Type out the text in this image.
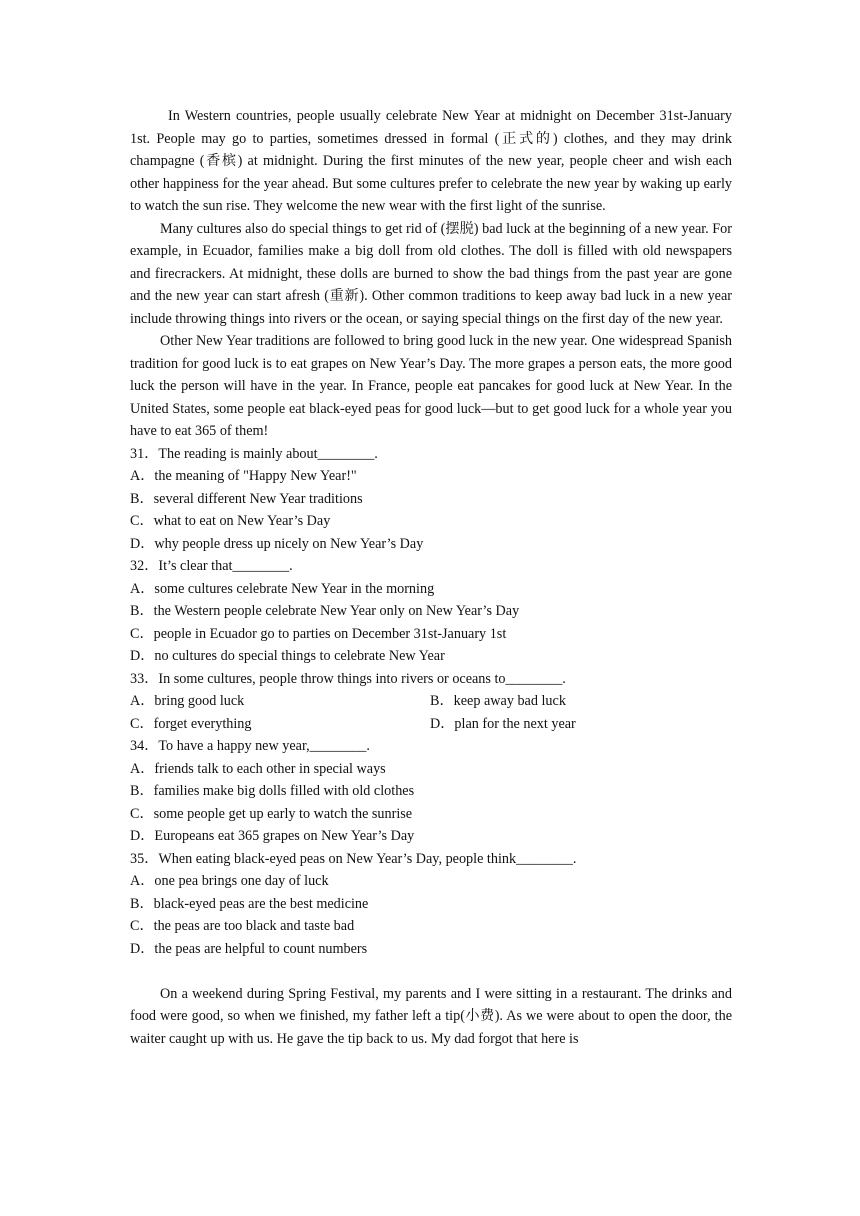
In Western countries, people usually celebrate New Year at midnight on December 31st-January 1st. People may go to parties, sometimes dressed in formal (正式的) clothes, and they may drink champagne (香槟) at midnight. During the first minutes of the new year, people cheer and wish each other happiness for the year ahead. But some cultures prefer to celebrate the new year by waking up early to watch the sun rise. They welcome the new wear with the first light of the sunrise.

Many cultures also do special things to get rid of (摆脱) bad luck at the beginning of a new year. For example, in Ecuador, families make a big doll from old clothes. The doll is filled with old newspapers and firecrackers. At midnight, these dolls are burned to show the bad things from the past year are gone and the new year can start afresh (重新). Other common traditions to keep away bad luck in a new year include throwing things into rivers or the ocean, or saying special things on the first day of the new year.

Other New Year traditions are followed to bring good luck in the new year. One widespread Spanish tradition for good luck is to eat grapes on New Year’s Day. The more grapes a person eats, the more good luck the person will have in the year. In France, people eat pancakes for good luck at New Year. In the United States, some people eat black-eyed peas for good luck—but to get good luck for a whole year you have to eat 365 of them!

31．The reading is mainly about________.

A．the meaning of "Happy New Year!"

B．several different New Year traditions

C．what to eat on New Year’s Day

D．why people dress up nicely on New Year’s Day

32．It’s clear that________.

A．some cultures celebrate New Year in the morning

B．the Western people celebrate New Year only on New Year’s Day

C．people in Ecuador go to parties on December 31st-January 1st

D．no cultures do special things to celebrate New Year

33．In some cultures, people throw things into rivers or oceans to________.

A．bring good luck	B．keep away bad luck
C．forget everything	D．plan for the next year

34．To have a happy new year,________.

A．friends talk to each other in special ways

B．families make big dolls filled with old clothes

C．some people get up early to watch the sunrise

D．Europeans eat 365 grapes on New Year’s Day

35．When eating black-eyed peas on New Year’s Day, people think________.

A．one pea brings one day of luck

B．black-eyed peas are the best medicine

C．the peas are too black and taste bad

D．the peas are helpful to count numbers

On a weekend during Spring Festival, my parents and I were sitting in a restaurant. The drinks and food were good, so when we finished, my father left a tip(小费). As we were about to open the door, the waiter caught up with us. He gave the tip back to us. My dad forgot that here is
